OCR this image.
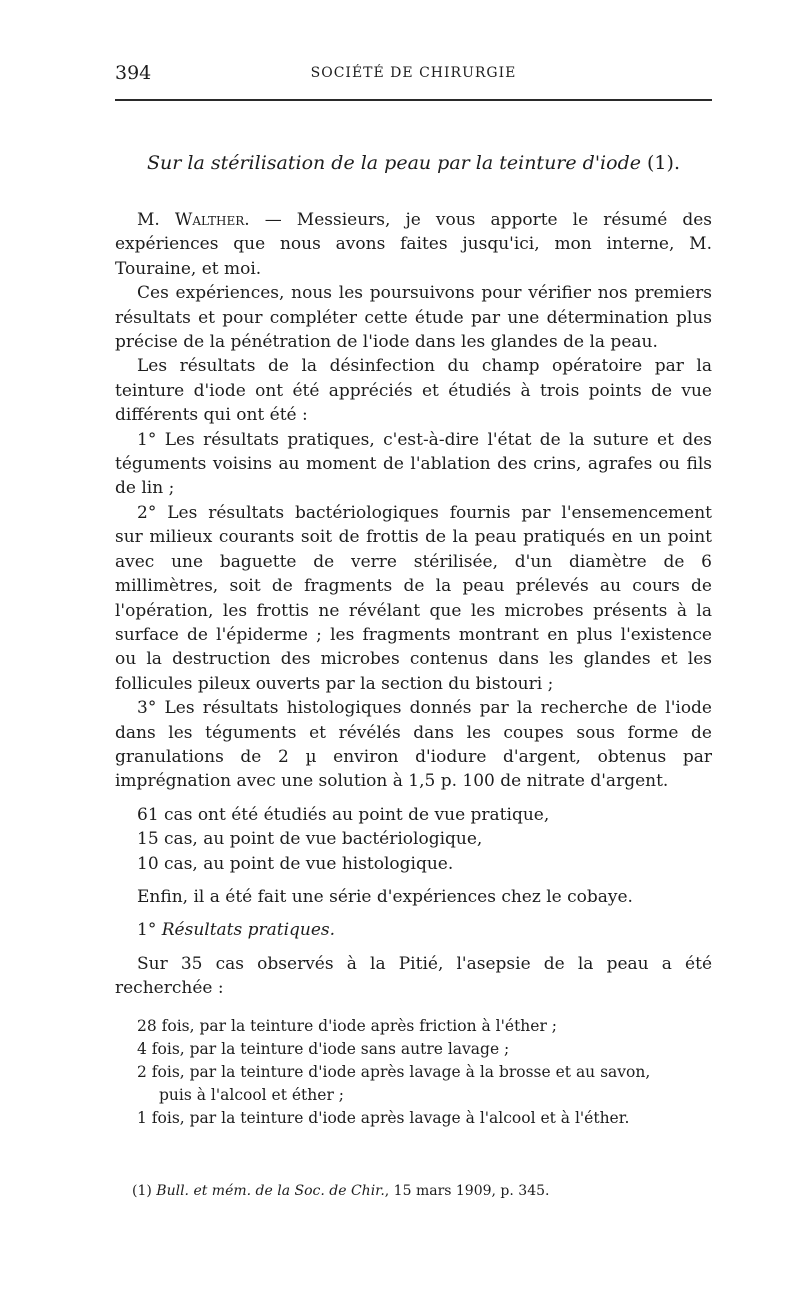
394	SOCIÉTÉ DE CHIRURGIE
Sur la stérilisation de la peau par la teinture d'iode (1).

M. Walther. — Messieurs, je vous apporte le résumé des expériences que nous avons faites jusqu'ici, mon interne, M. Touraine, et moi.

Ces expériences, nous les poursuivons pour vérifier nos premiers résultats et pour compléter cette étude par une détermination plus précise de la pénétration de l'iode dans les glandes de la peau.

Les résultats de la désinfection du champ opératoire par la teinture d'iode ont été appréciés et étudiés à trois points de vue différents qui ont été :

1° Les résultats pratiques, c'est-à-dire l'état de la suture et des téguments voisins au moment de l'ablation des crins, agrafes ou fils de lin ;

2° Les résultats bactériologiques fournis par l'ensemencement sur milieux courants soit de frottis de la peau pratiqués en un point avec une baguette de verre stérilisée, d'un diamètre de 6 millimètres, soit de fragments de la peau prélevés au cours de l'opération, les frottis ne révélant que les microbes présents à la surface de l'épiderme ; les fragments montrant en plus l'existence ou la destruction des microbes contenus dans les glandes et les follicules pileux ouverts par la section du bistouri ;

3° Les résultats histologiques donnés par la recherche de l'iode dans les téguments et révélés dans les coupes sous forme de granulations de 2 µ environ d'iodure d'argent, obtenus par imprégnation avec une solution à 1,5 p. 100 de nitrate d'argent.

61 cas ont été étudiés au point de vue pratique,

15 cas, au point de vue bactériologique,

10 cas, au point de vue histologique.

Enfin, il a été fait une série d'expériences chez le cobaye.

1° Résultats pratiques.

Sur 35 cas observés à la Pitié, l'asepsie de la peau a été recherchée :

28 fois, par la teinture d'iode après friction à l'éther ;

4 fois, par la teinture d'iode sans autre lavage ;

2 fois, par la teinture d'iode après lavage à la brosse et au savon,
puis à l'alcool et éther ;

1 fois, par la teinture d'iode après lavage à l'alcool et à l'éther.

(1) Bull. et mém. de la Soc. de Chir., 15 mars 1909, p. 345.
